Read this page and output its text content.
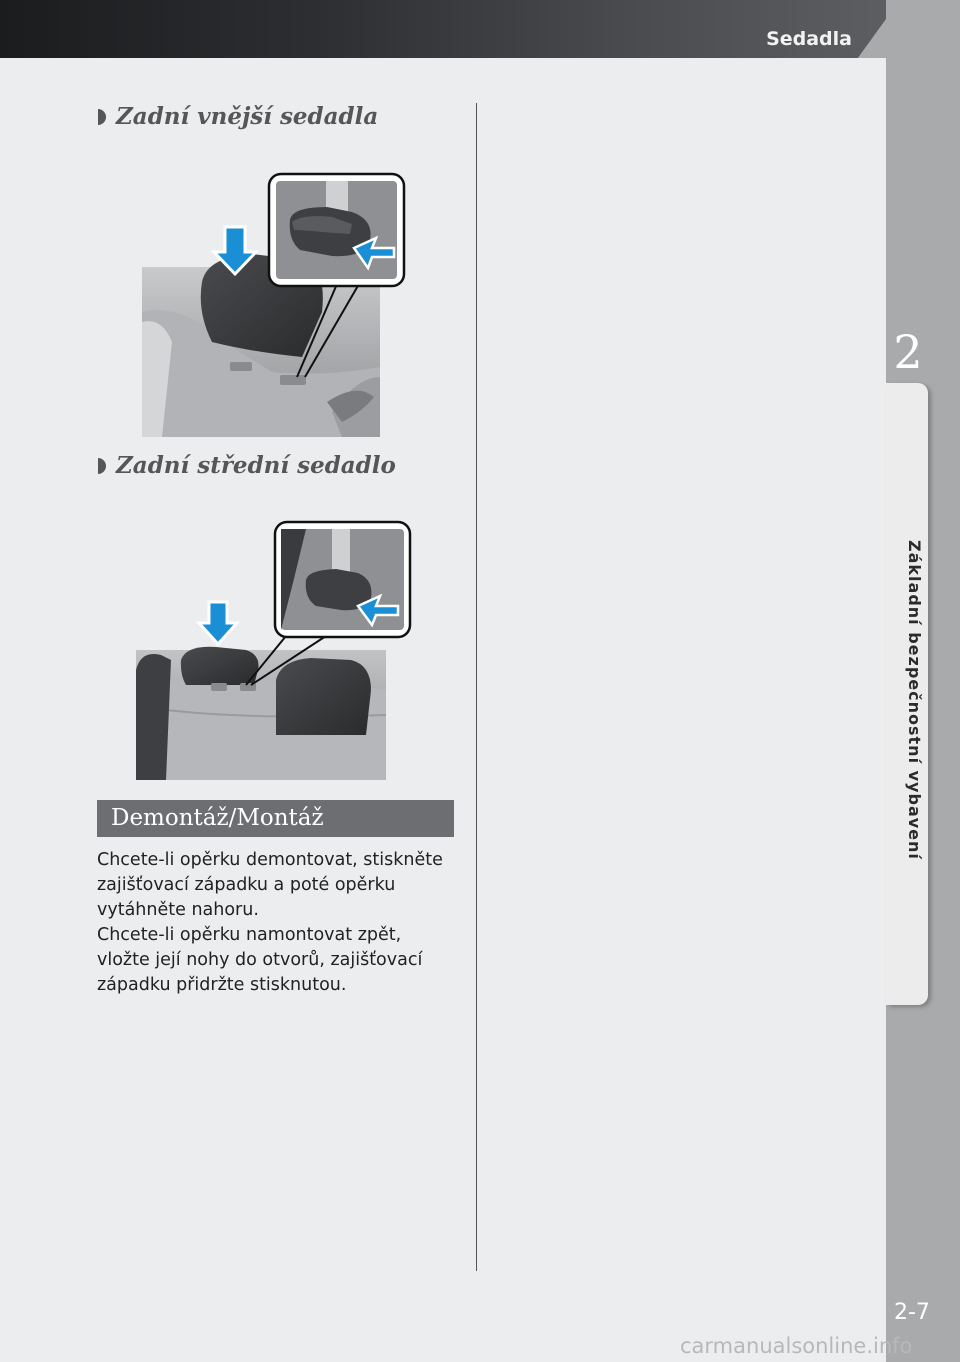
Sedadla
2
Základní bezpečnostní vybavení
2-7
Zadní vnější sedadla
Zadní střední sedadlo
Demontáž/Montáž
Chcete-li opěrku demontovat, stiskněte
zajišťovací západku a poté opěrku
vytáhněte nahoru.
Chcete-li opěrku namontovat zpět,
vložte její nohy do otvorů, zajišťovací
západku přidržte stisknutou.
carmanualsonline.info
